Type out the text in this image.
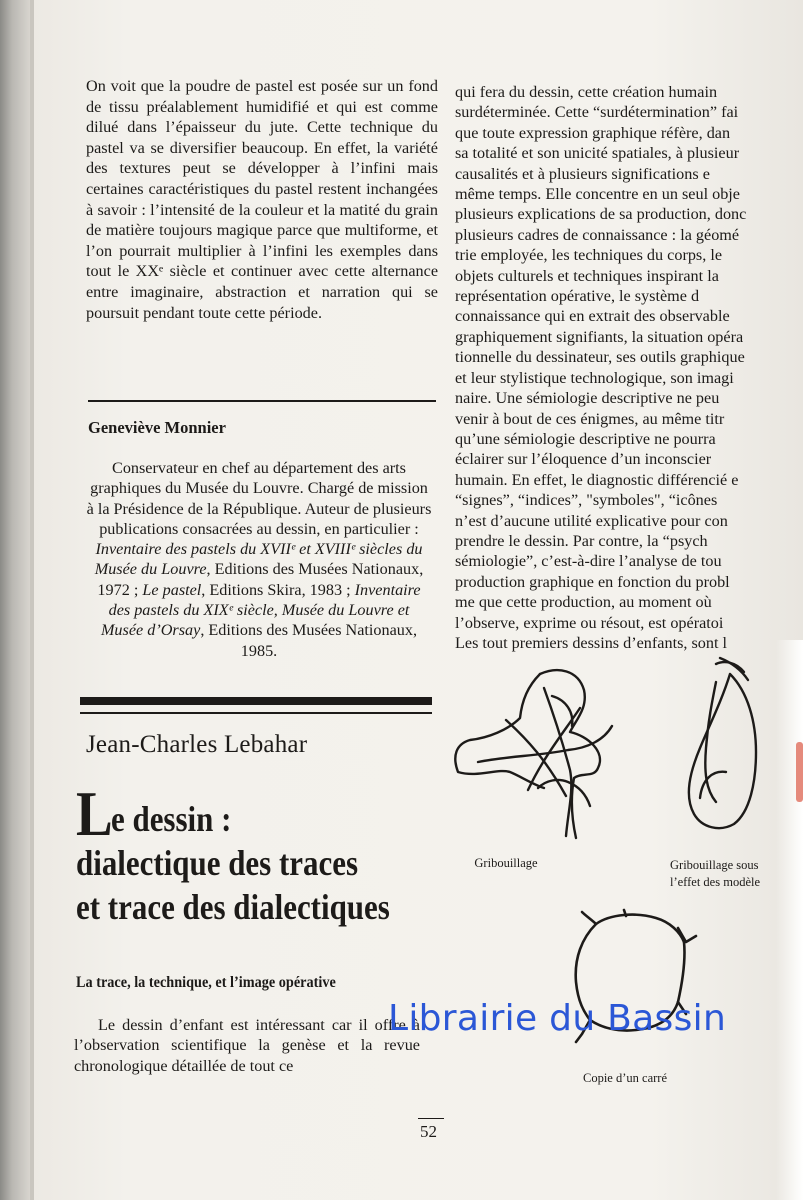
On voit que la poudre de pastel est posée sur un fond de tissu préalablement humidifié et qui est comme dilué dans l’épaisseur du jute. Cette technique du pastel va se diversifier beaucoup. En effet, la variété des textures peut se développer à l’infini mais certaines caractéristiques du pastel restent inchangées à savoir : l’intensité de la couleur et la matité du grain de matière toujours magique parce que multiforme, et l’on pourrait multiplier à l’infini les exemples dans tout le XXᵉ siècle et continuer avec cette alternance entre imaginaire, abstraction et narration qui se poursuit pendant toute cette période.

Geneviève Monnier
Conservateur en chef au département des arts graphiques du Musée du Louvre. Chargé de mission à la Présidence de la République. Auteur de plusieurs publications consacrées au dessin, en particulier : Inventaire des pastels du XVIIᵉ et XVIIIᵉ siècles du Musée du Louvre, Editions des Musées Nationaux, 1972 ; Le pastel, Editions Skira, 1983 ; Inventaire des pastels du XIXᵉ siècle, Musée du Louvre et Musée d’Orsay, Editions des Musées Nationaux, 1985.
Jean-Charles Lebahar
Le dessin :
dialectique des traces
et trace des dialectiques
La trace, la technique, et l’image opérative

Le dessin d’enfant est intéressant car il offre à l’observation scientifique la genèse et la revue chronologique détaillée de tout ce

qui fera du dessin, cette création humain
surdéterminée. Cette “surdétermination” fai
que toute expression graphique réfère, dan
sa totalité et son unicité spatiales, à plusieur
causalités et à plusieurs significations e
même temps. Elle concentre en un seul obje
plusieurs explications de sa production, donc
plusieurs cadres de connaissance : la géomé
trie employée, les techniques du corps, le
objets culturels et techniques inspirant la
représentation opérative, le système d
connaissance qui en extrait des observable
graphiquement signifiants, la situation opéra
tionnelle du dessinateur, ses outils graphique
et leur stylistique technologique, son imagi
naire. Une sémiologie descriptive ne peu
venir à bout de ces énigmes, au même titr
qu’une sémiologie descriptive ne pourra
éclairer sur l’éloquence d’un inconscier
humain. En effet, le diagnostic différencié e
“signes”, “indices”, "symboles", “icônes
n’est d’aucune utilité explicative pour con
prendre le dessin. Par contre, la “psych
sémiologie”, c’est-à-dire l’analyse de tou
production graphique en fonction du probl
me que cette production, au moment où
l’observe, exprime ou résout, est opératoi
Les tout premiers dessins d’enfants, sont l

Gribouillage	Gribouillage sous
l’effet des modèle
Copie d’un carré
Librairie du Bassin
52
